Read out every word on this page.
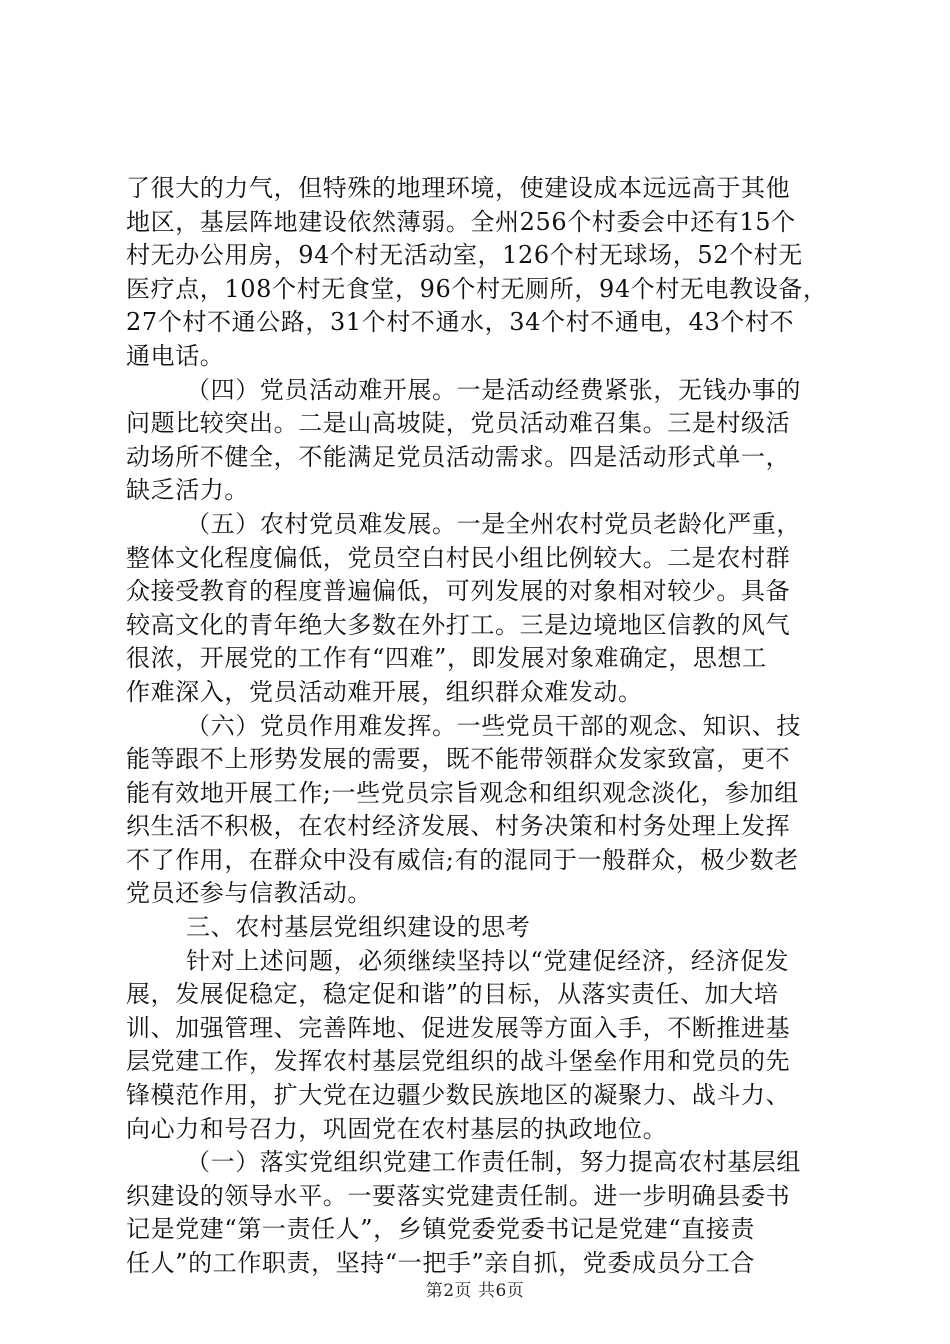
了很大的力气，但特殊的地理环境，使建设成本远远高于其他
地区，基层阵地建设依然薄弱。全州256个村委会中还有15个
村无办公用房，94个村无活动室，126个村无球场，52个村无
医疗点，108个村无食堂，96个村无厕所，94个村无电教设备，
27个村不通公路，31个村不通水，34个村不通电，43个村不
通电话。
（四）党员活动难开展。一是活动经费紧张，无钱办事的
问题比较突出。二是山高坡陡，党员活动难召集。三是村级活
动场所不健全，不能满足党员活动需求。四是活动形式单一，
缺乏活力。
（五）农村党员难发展。一是全州农村党员老龄化严重，
整体文化程度偏低，党员空白村民小组比例较大。二是农村群
众接受教育的程度普遍偏低，可列发展的对象相对较少。具备
较高文化的青年绝大多数在外打工。三是边境地区信教的风气
很浓，开展党的工作有“四难”，即发展对象难确定，思想工
作难深入，党员活动难开展，组织群众难发动。
（六）党员作用难发挥。一些党员干部的观念、知识、技
能等跟不上形势发展的需要，既不能带领群众发家致富，更不
能有效地开展工作;一些党员宗旨观念和组织观念淡化，参加组
织生活不积极，在农村经济发展、村务决策和村务处理上发挥
不了作用，在群众中没有威信;有的混同于一般群众，极少数老
党员还参与信教活动。
三、农村基层党组织建设的思考
针对上述问题，必须继续坚持以“党建促经济，经济促发
展，发展促稳定，稳定促和谐”的目标，从落实责任、加大培
训、加强管理、完善阵地、促进发展等方面入手，不断推进基
层党建工作，发挥农村基层党组织的战斗堡垒作用和党员的先
锋模范作用，扩大党在边疆少数民族地区的凝聚力、战斗力、
向心力和号召力，巩固党在农村基层的执政地位。
（一）落实党组织党建工作责任制，努力提高农村基层组
织建设的领导水平。一要落实党建责任制。进一步明确县委书
记是党建“第一责任人”，乡镇党委党委书记是党建“直接责
任人”的工作职责，坚持“一把手”亲自抓，党委成员分工合
第2页 共6页
